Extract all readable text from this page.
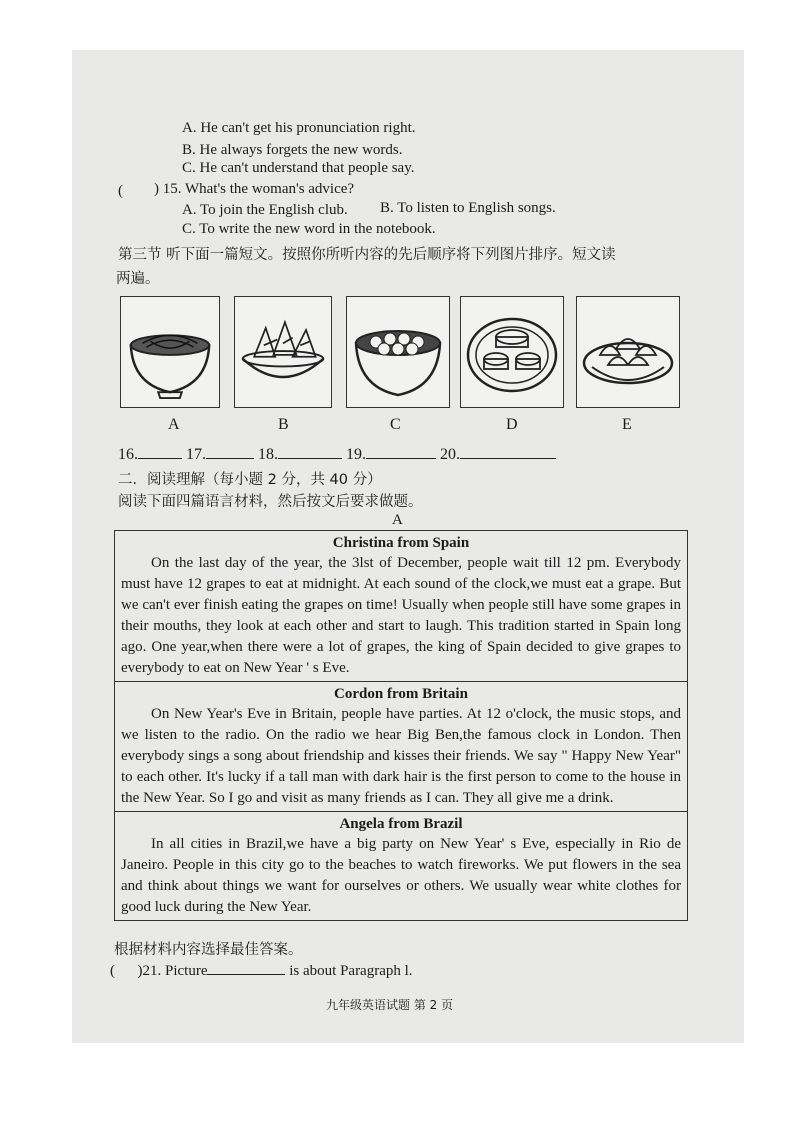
A. He can't get his pronunciation right.
B. He always forgets the new words.
C. He can't understand that people say.
( ) 15. What's the woman's advice?
A. To join the English club. B. To listen to English songs.
C. To write the new word in the notebook.
第三节 听下面一篇短文。按照你所听内容的先后顺序将下列图片排序。短文读
两遍。
A	B	C	D	E
16.	17.	18.	19.	20.
二．阅读理解（每小题 2 分，共 40 分）
阅读下面四篇语言材料，然后按文后要求做题。
A
Christina from Spain

On the last day of the year, the 3lst of December, people wait till 12 pm. Everybody must have 12 grapes to eat at midnight. At each sound of the clock,we must eat a grape. But we can't ever finish eating the grapes on time! Usually when people still have some grapes in their mouths, they look at each other and start to laugh. This tradition started in Spain long ago. One year,when there were a lot of grapes, the king of Spain decided to give grapes to everybody to eat on New Year ' s Eve.

Cordon from Britain

On New Year's Eve in Britain, people have parties. At 12 o'clock, the music stops, and we listen to the radio. On the radio we hear Big Ben,the famous clock in London. Then everybody sings a song about friendship and kisses their friends. We say " Happy New Year" to each other. It's lucky if a tall man with dark hair is the first person to come to the house in the New Year. So I go and visit as many friends as I can. They all give me a drink.

Angela from Brazil

In all cities in Brazil,we have a big party on New Year' s Eve, especially in Rio de Janeiro. People in this city go to the beaches to watch fireworks. We put flowers in the sea and think about things we want for ourselves or others. We usually wear white clothes for good luck during the New Year.

根据材料内容选择最佳答案。
( )21. Picture	is about Paragraph l.
九年级英语试题 第 2 页
